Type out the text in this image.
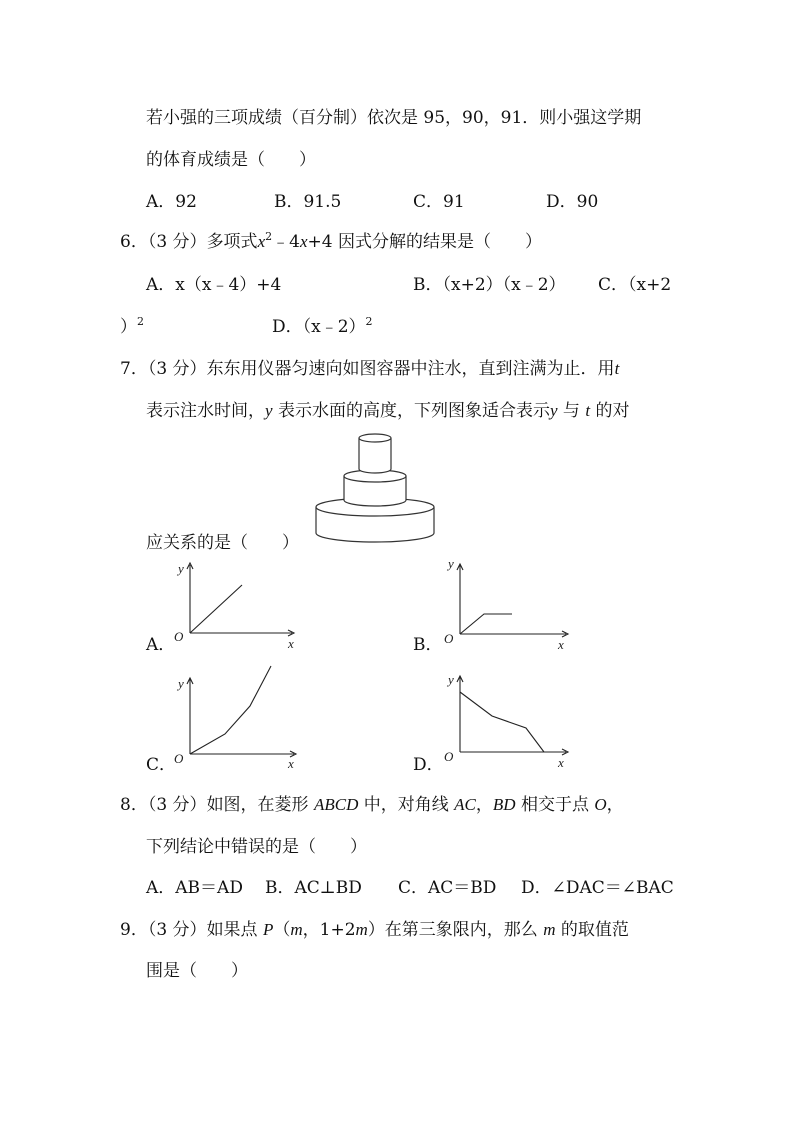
若小强的三项成绩（百分制）依次是 95，90，91．则小强这学期
的体育成绩是（　　）
A．92	B．91.5	C．91	D．90
6．（3 分）多项式$x^2﹣4x+4$ 因式分解的结果是（　　）
A．x（x﹣4）+4	B．（x+2）（x﹣2） C．（x+2
）$^2$	D．（x﹣2）$^2$
7．（3 分）东东用仪器匀速向如图容器中注水，直到注满为止．用t
表示注水时间，y 表示水面的高度，下列图象适合表示y 与 t 的对
应关系的是（　　）
A．
y
x
O	B．
y
x
O
C．
y
x
O	D．
y
x
O
8．（3 分）如图，在菱形 ABCD 中，对角线 AC，BD 相交于点 O，
下列结论中错误的是（　　）
A．AB＝AD B．AC⊥BD C．AC＝BD D．∠DAC＝∠BAC
9．（3 分）如果点 P（m，1+2m）在第三象限内，那么 m 的取值范
围是（　　）
